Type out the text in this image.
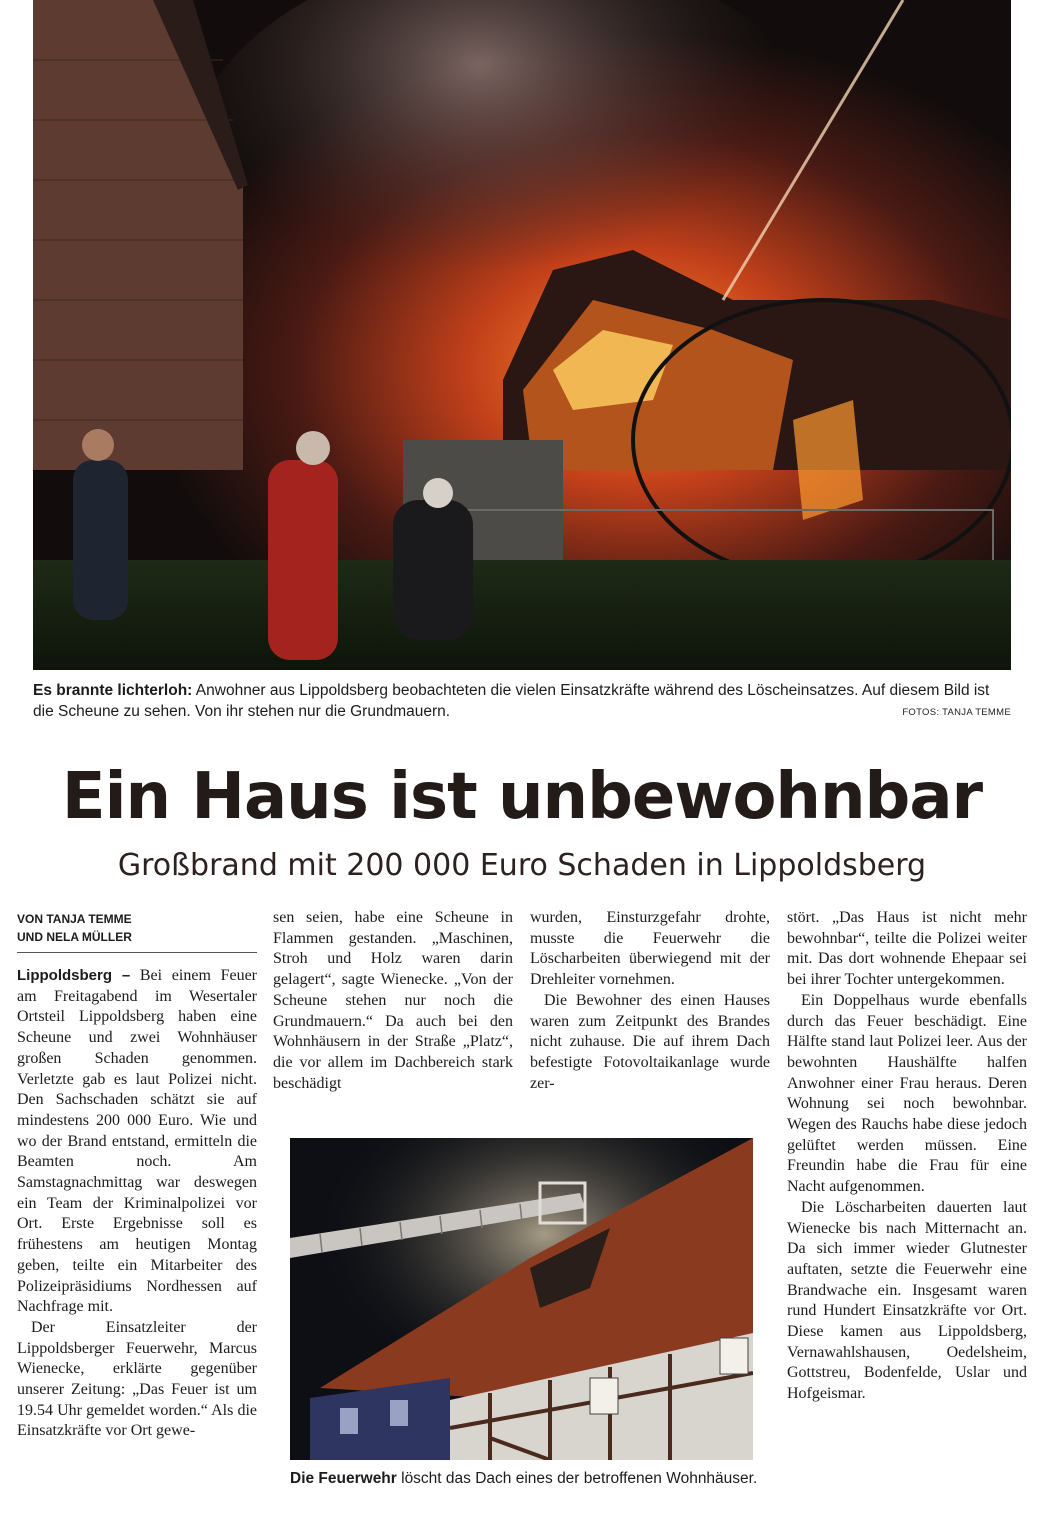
Es brannte lichterloh: Anwohner aus Lippoldsberg beobachteten die vielen Einsatzkräfte während des Löscheinsatzes. Auf diesem Bild ist die Scheune zu sehen. Von ihr stehen nur die Grundmauern.	FOTOS: TANJA TEMME
Ein Haus ist unbewohnbar
Großbrand mit 200 000 Euro Schaden in Lippoldsberg
VON TANJA TEMME
UND NELA MÜLLER

Lippoldsberg – Bei einem Feuer am Freitagabend im Wesertaler Ortsteil Lippoldsberg haben eine Scheune und zwei Wohnhäuser großen Schaden genommen. Verletzte gab es laut Polizei nicht. Den Sachschaden schätzt sie auf mindestens 200 000 Euro. Wie und wo der Brand entstand, ermitteln die Beamten noch. Am Samstagnachmittag war deswegen ein Team der Kriminalpolizei vor Ort. Erste Ergebnisse soll es frühestens am heutigen Montag geben, teilte ein Mitarbeiter des Polizeipräsidiums Nordhessen auf Nachfrage mit.

Der Einsatzleiter der Lippoldsberger Feuerwehr, Marcus Wienecke, erklärte gegenüber unserer Zeitung: „Das Feuer ist um 19.54 Uhr gemeldet worden.“ Als die Einsatzkräfte vor Ort gewe-

sen seien, habe eine Scheune in Flammen gestanden. „Maschinen, Stroh und Holz waren darin gelagert“, sagte Wienecke. „Von der Scheune stehen nur noch die Grundmauern.“ Da auch bei den Wohnhäusern in der Straße „Platz“, die vor allem im Dachbereich stark beschädigt

wurden, Einsturzgefahr drohte, musste die Feuerwehr die Löscharbeiten überwiegend mit der Drehleiter vornehmen.

Die Bewohner des einen Hauses waren zum Zeitpunkt des Brandes nicht zuhause. Die auf ihrem Dach befestigte Fotovoltaikanlage wurde zer-

stört. „Das Haus ist nicht mehr bewohnbar“, teilte die Polizei weiter mit. Das dort wohnende Ehepaar sei bei ihrer Tochter untergekommen.

Ein Doppelhaus wurde ebenfalls durch das Feuer beschädigt. Eine Hälfte stand laut Polizei leer. Aus der bewohnten Haushälfte halfen Anwohner einer Frau heraus. Deren Wohnung sei noch bewohnbar. Wegen des Rauchs habe diese jedoch gelüftet werden müssen. Eine Freundin habe die Frau für eine Nacht aufgenommen.

Die Löscharbeiten dauerten laut Wienecke bis nach Mitternacht an. Da sich immer wieder Glutnester auftaten, setzte die Feuerwehr eine Brandwache ein. Insgesamt waren rund Hundert Einsatzkräfte vor Ort. Diese kamen aus Lippoldsberg, Vernawahlshausen, Oedelsheim, Gottstreu, Bodenfelde, Uslar und Hofgeismar.

Die Feuerwehr löscht das Dach eines der betroffenen Wohnhäuser.
